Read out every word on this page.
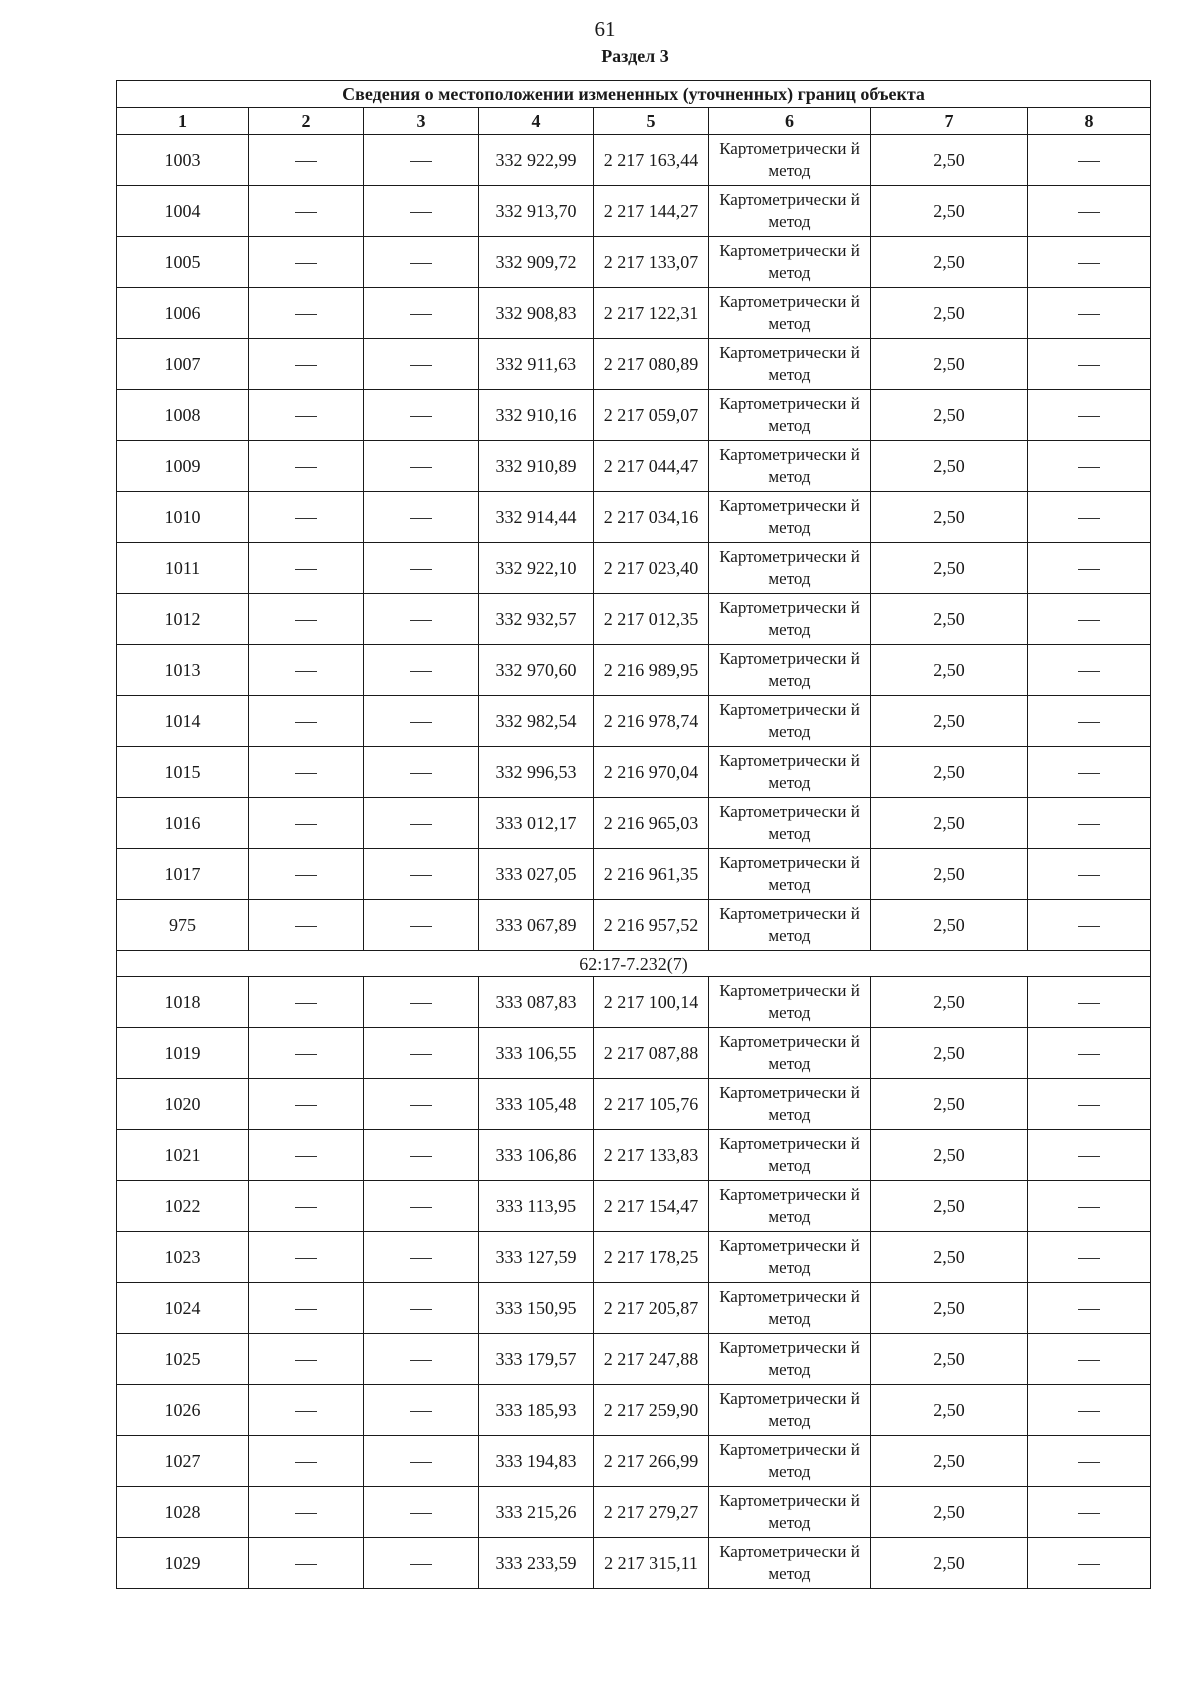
61
Раздел 3
Сведения о местоположении измененных (уточненных) границ объекта							
1	2	3	4	5	6	7	8
1003			332 922,99	2 217 163,44	Картометрически й метод	2,50	
1004			332 913,70	2 217 144,27	Картометрически й метод	2,50	
1005			332 909,72	2 217 133,07	Картометрически й метод	2,50	
1006			332 908,83	2 217 122,31	Картометрически й метод	2,50	
1007			332 911,63	2 217 080,89	Картометрически й метод	2,50	
1008			332 910,16	2 217 059,07	Картометрически й метод	2,50	
1009			332 910,89	2 217 044,47	Картометрически й метод	2,50	
1010			332 914,44	2 217 034,16	Картометрически й метод	2,50	
1011			332 922,10	2 217 023,40	Картометрически й метод	2,50	
1012			332 932,57	2 217 012,35	Картометрически й метод	2,50	
1013			332 970,60	2 216 989,95	Картометрически й метод	2,50	
1014			332 982,54	2 216 978,74	Картометрически й метод	2,50	
1015			332 996,53	2 216 970,04	Картометрически й метод	2,50	
1016			333 012,17	2 216 965,03	Картометрически й метод	2,50	
1017			333 027,05	2 216 961,35	Картометрически й метод	2,50	
975			333 067,89	2 216 957,52	Картометрически й метод	2,50	
62:17-7.232(7)							
1018			333 087,83	2 217 100,14	Картометрически й метод	2,50	
1019			333 106,55	2 217 087,88	Картометрически й метод	2,50	
1020			333 105,48	2 217 105,76	Картометрически й метод	2,50	
1021			333 106,86	2 217 133,83	Картометрически й метод	2,50	
1022			333 113,95	2 217 154,47	Картометрически й метод	2,50	
1023			333 127,59	2 217 178,25	Картометрически й метод	2,50	
1024			333 150,95	2 217 205,87	Картометрически й метод	2,50	
1025			333 179,57	2 217 247,88	Картометрически й метод	2,50	
1026			333 185,93	2 217 259,90	Картометрически й метод	2,50	
1027			333 194,83	2 217 266,99	Картометрически й метод	2,50	
1028			333 215,26	2 217 279,27	Картометрически й метод	2,50	
1029			333 233,59	2 217 315,11	Картометрически й метод	2,50	
